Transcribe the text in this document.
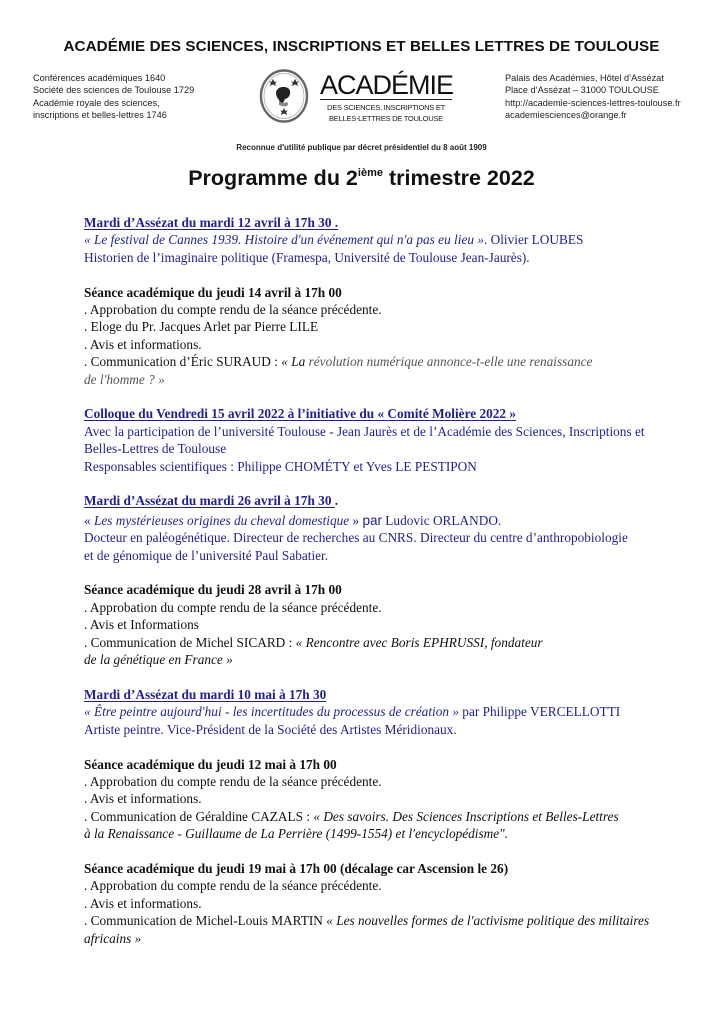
ACADÉMIE DES SCIENCES, INSCRIPTIONS ET BELLES LETTRES DE TOULOUSE
Conférences académiques 1640
Société des sciences de Toulouse 1729
Académie royale des sciences,
inscriptions et belles-lettres 1746
ACADÉMIE
DES SCIENCES, INSCRIPTIONS ET
BELLES-LETTRES DE TOULOUSE
Palais des Académies, Hôtel d’Assézat
Place d’Assézat – 31000 TOULOUSE
http://academie-sciences-lettres-toulouse.fr
academiesciences@orange.fr
Reconnue d'utilité publique par décret présidentiel du 8 août 1909
Programme du 2ième trimestre 2022
Mardi d’Assézat du mardi 12 avril à 17h 30 .
« Le festival de Cannes 1939. Histoire d'un événement qui n'a pas eu lieu ». Olivier LOUBES
Historien de l’imaginaire politique (Framespa, Université de Toulouse Jean-Jaurès).
Séance académique du jeudi 14 avril à 17h 00
. Approbation du compte rendu de la séance précédente.
. Eloge du Pr. Jacques Arlet par Pierre LILE
. Avis et informations.
. Communication d’Éric SURAUD : « La révolution numérique annonce-t-elle une renaissance
de l'homme ? »
Colloque du Vendredi 15 avril 2022 à l’initiative du « Comité Molière 2022 »
Avec la participation de l’université Toulouse - Jean Jaurès et de l’Académie des Sciences, Inscriptions et
Belles-Lettres de Toulouse
Responsables scientifiques : Philippe CHOMÉTY et Yves LE PESTIPON
Mardi d’Assézat du mardi 26 avril à 17h 30 .
« Les mystérieuses origines du cheval domestique » par Ludovic ORLANDO.
Docteur en paléogénétique. Directeur de recherches au CNRS. Directeur du centre d’anthropobiologie
et de génomique de l’université Paul Sabatier.
Séance académique du jeudi 28 avril à 17h 00
. Approbation du compte rendu de la séance précédente.
. Avis et Informations
. Communication de Michel SICARD : « Rencontre avec Boris EPHRUSSI, fondateur
de la génétique en France »
Mardi d’Assézat du mardi 10 mai à 17h 30
« Être peintre aujourd'hui - les incertitudes du processus de création » par Philippe VERCELLOTTI
Artiste peintre. Vice-Président de la Société des Artistes Méridionaux.
Séance académique du jeudi 12 mai à 17h 00
. Approbation du compte rendu de la séance précédente.
. Avis et informations.
. Communication de Géraldine CAZALS : « Des savoirs. Des Sciences Inscriptions et Belles-Lettres
à la Renaissance - Guillaume de La Perrière (1499-1554) et l'encyclopédisme".
Séance académique du jeudi 19 mai à 17h 00 (décalage car Ascension le 26)
. Approbation du compte rendu de la séance précédente.
. Avis et informations.
. Communication de Michel-Louis MARTIN « Les nouvelles formes de l'activisme politique des militaires
africains »
